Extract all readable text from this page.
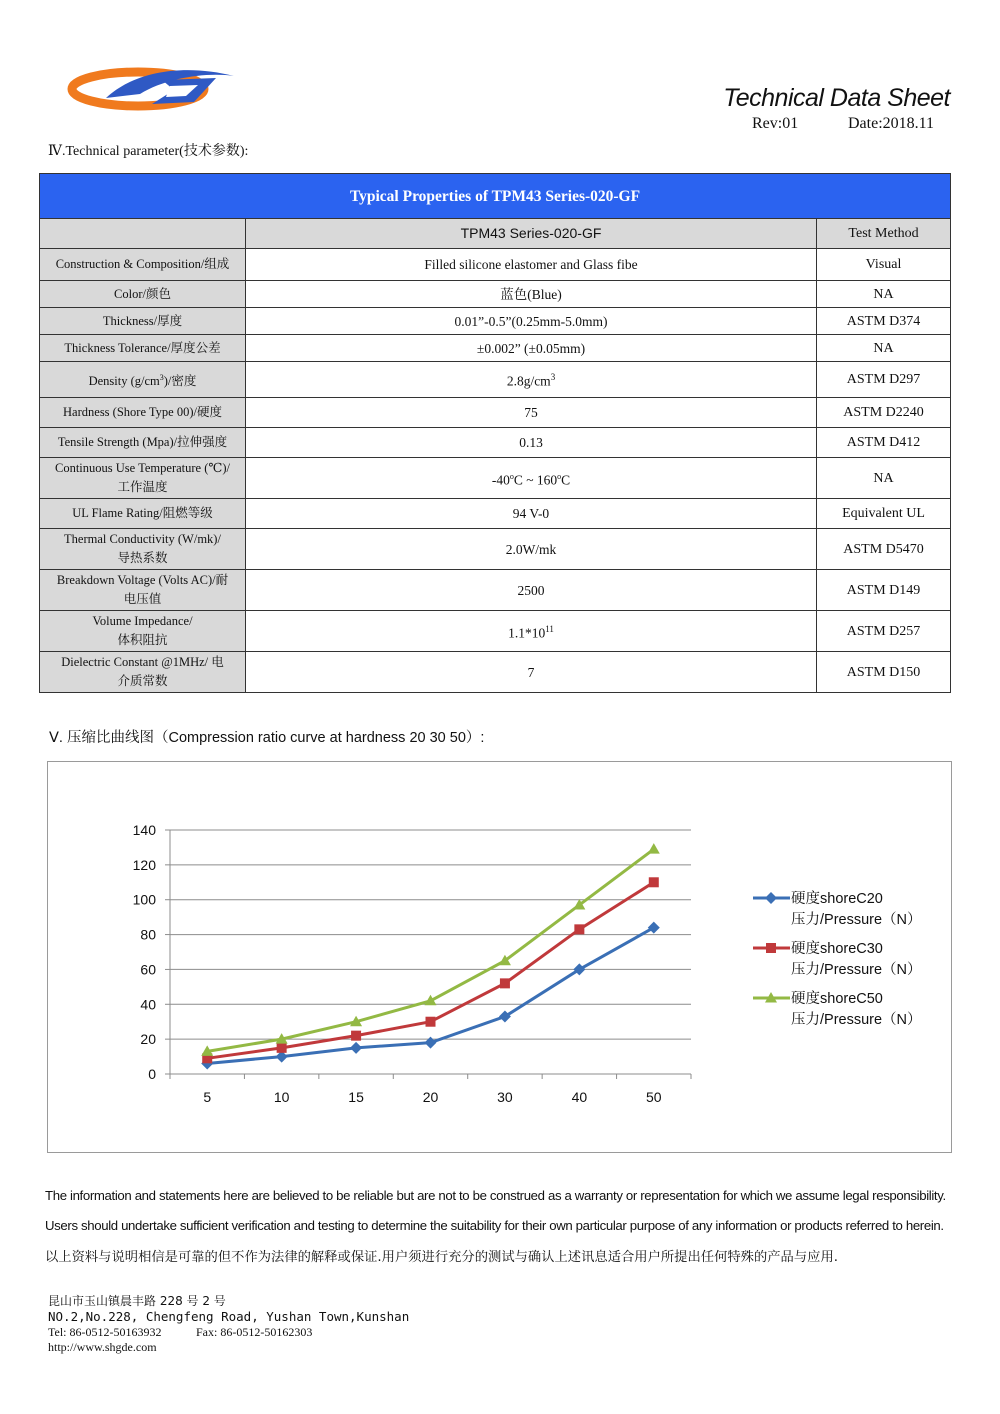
Technical Data Sheet
Rev:01	Date:2018.11
Ⅳ.Technical parameter(技术参数):
Typical Properties of TPM43 Series-020-GF		
	TPM43 Series-020-GF	Test Method
Construction & Composition/组成	Filled silicone elastomer and Glass fibe	Visual
Color/颜色	蓝色(Blue)	NA
Thickness/厚度	0.01”-0.5”(0.25mm-5.0mm)	ASTM D374
Thickness Tolerance/厚度公差	±0.002” (±0.05mm)	NA
Density $(g/cm^3)/$密度	$2.8g/cm^3$	ASTM D297
Hardness (Shore Type 00)/硬度	75	ASTM D2240
Tensile Strength (Mpa)/拉伸强度	0.13	ASTM D412
Continuous Use Temperature (℃)/
工作温度	-40$^o$C ~ 160$^o$C	NA
UL Flame Rating/阻燃等级	94 V-0	Equivalent UL
Thermal Conductivity (W/mk)/
导热系数	2.0W/mk	ASTM D5470
Breakdown Voltage (Volts AC)/耐
电压值	2500	ASTM D149
Volume Impedance/
体积阻抗	$1.1*10^{11}$	ASTM D257
Dielectric Constant @1MHz/ 电
介质常数	7	ASTM D150
Ⅴ. 压缩比曲线图（Compression ratio curve at hardness 20 30 50）:
0
20
40
60
80
100
120
140
5	10	15	20	30	40	50
硬度shoreC20
压力/Pressure（N）
硬度shoreC30
压力/Pressure（N）
硬度shoreC50
压力/Pressure（N）
The information and statements here are believed to be reliable but are not to be construed as a warranty or representation for which we assume legal responsibility.
Users should undertake sufficient verification and testing to determine the suitability for their own particular purpose of any information or products referred to herein.
以上资料与说明相信是可靠的但不作为法律的解释或保证.用户须进行充分的测试与确认上述讯息适合用户所提出任何特殊的产品与应用.
昆山市玉山镇晨丰路 228 号 2 号
NO.2,No.228, Chengfeng Road, Yushan Town,Kunshan
Tel: 86-0512-50163932	Fax: 86-0512-50162303
http://www.shgde.com
